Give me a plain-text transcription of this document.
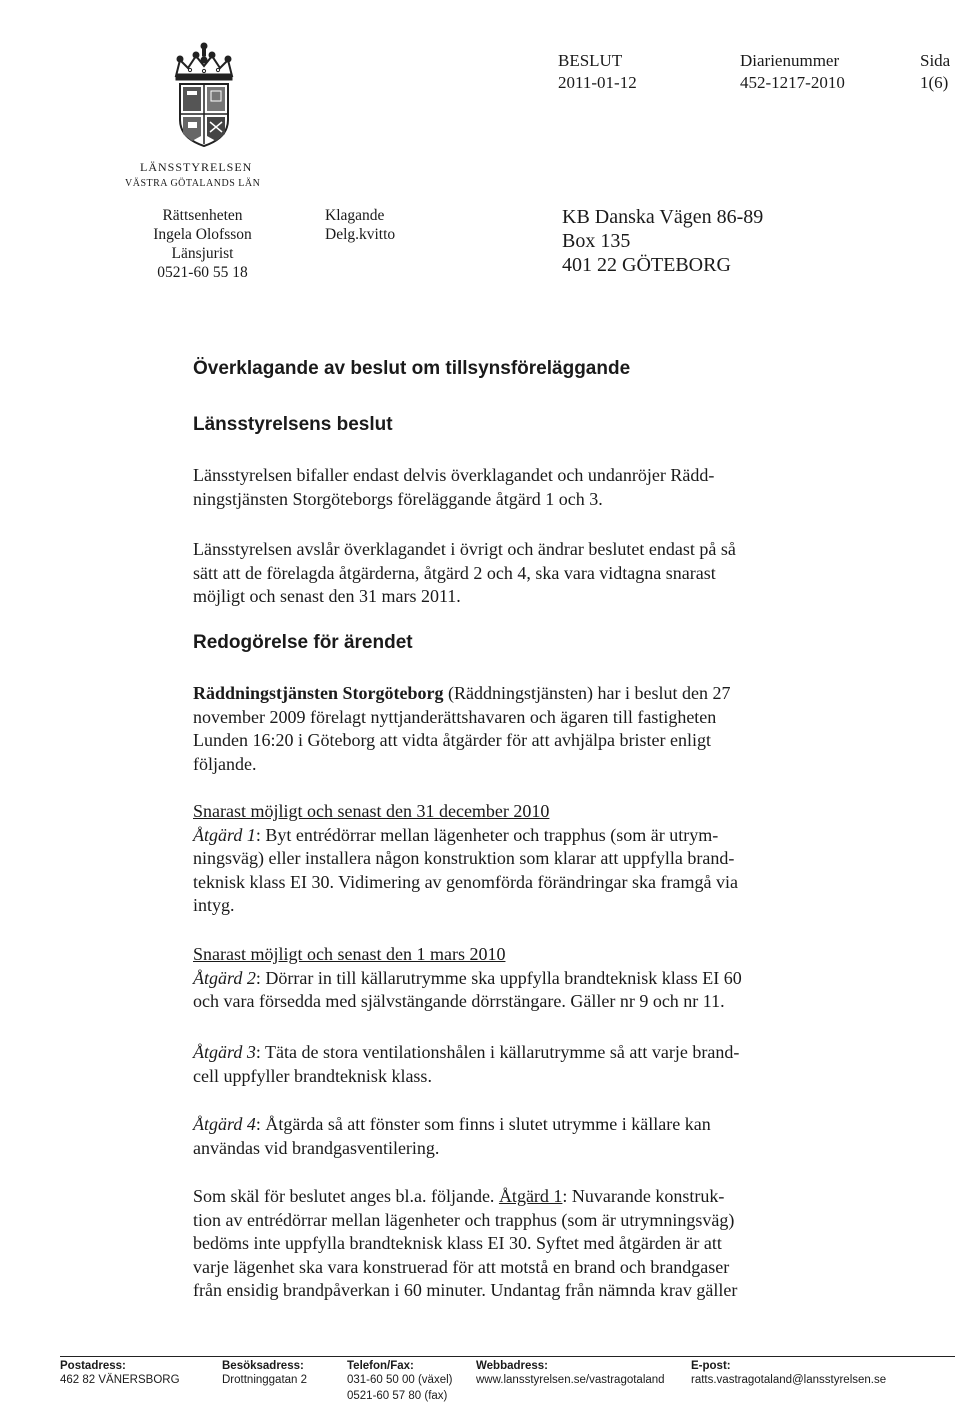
LÄNSSTYRELSEN
VÄSTRA GÖTALANDS LÄN
BESLUT
2011-01-12
Diarienummer
452-1217-2010
Sida
1(6)
Rättsenheten
Ingela Olofsson
Länsjurist
0521-60 55 18
Klagande
Delg.kvitto
KB Danska Vägen 86-89
Box 135
401 22 GÖTEBORG
Överklagande av beslut om tillsynsföreläggande
Länsstyrelsens beslut
Länsstyrelsen bifaller endast delvis överklagandet och undanröjer Rädd-
ningstjänsten Storgöteborgs föreläggande åtgärd 1 och 3.
Länsstyrelsen avslår överklagandet i övrigt och ändrar beslutet endast på så
sätt att de förelagda åtgärderna, åtgärd 2 och 4, ska vara vidtagna snarast
möjligt och senast den 31 mars 2011.
Redogörelse för ärendet
Räddningstjänsten Storgöteborg (Räddningstjänsten) har i beslut den 27
november 2009 förelagt nyttjanderättshavaren och ägaren till fastigheten
Lunden 16:20 i Göteborg att vidta åtgärder för att avhjälpa brister enligt
följande.
Snarast möjligt och senast den 31 december 2010
Åtgärd 1: Byt entrédörrar mellan lägenheter och trapphus (som är utrym-
ningsväg) eller installera någon konstruktion som klarar att uppfylla brand-
teknisk klass EI 30. Vidimering av genomförda förändringar ska framgå via
intyg.
Snarast möjligt och senast den 1 mars 2010
Åtgärd 2: Dörrar in till källarutrymme ska uppfylla brandteknisk klass EI 60
och vara försedda med självstängande dörrstängare. Gäller nr 9 och nr 11.
Åtgärd 3: Täta de stora ventilationshålen i källarutrymme så att varje brand-
cell uppfyller brandteknisk klass.
Åtgärd 4: Åtgärda så att fönster som finns i slutet utrymme i källare kan
användas vid brandgasventilering.
Som skäl för beslutet anges bl.a. följande. Åtgärd 1: Nuvarande konstruk-
tion av entrédörrar mellan lägenheter och trapphus (som är utrymningsväg)
bedöms inte uppfylla brandteknisk klass EI 30. Syftet med åtgärden är att
varje lägenhet ska vara konstruerad för att motstå en brand och brandgaser
från ensidig brandpåverkan i 60 minuter. Undantag från nämnda krav gäller
Postadress:
462 82 VÄNERSBORG
Besöksadress:
Drottninggatan 2
Telefon/Fax:
031-60 50 00 (växel)
0521-60 57 80 (fax)
Webbadress:
www.lansstyrelsen.se/vastragotaland
E-post:
ratts.vastragotaland@lansstyrelsen.se
